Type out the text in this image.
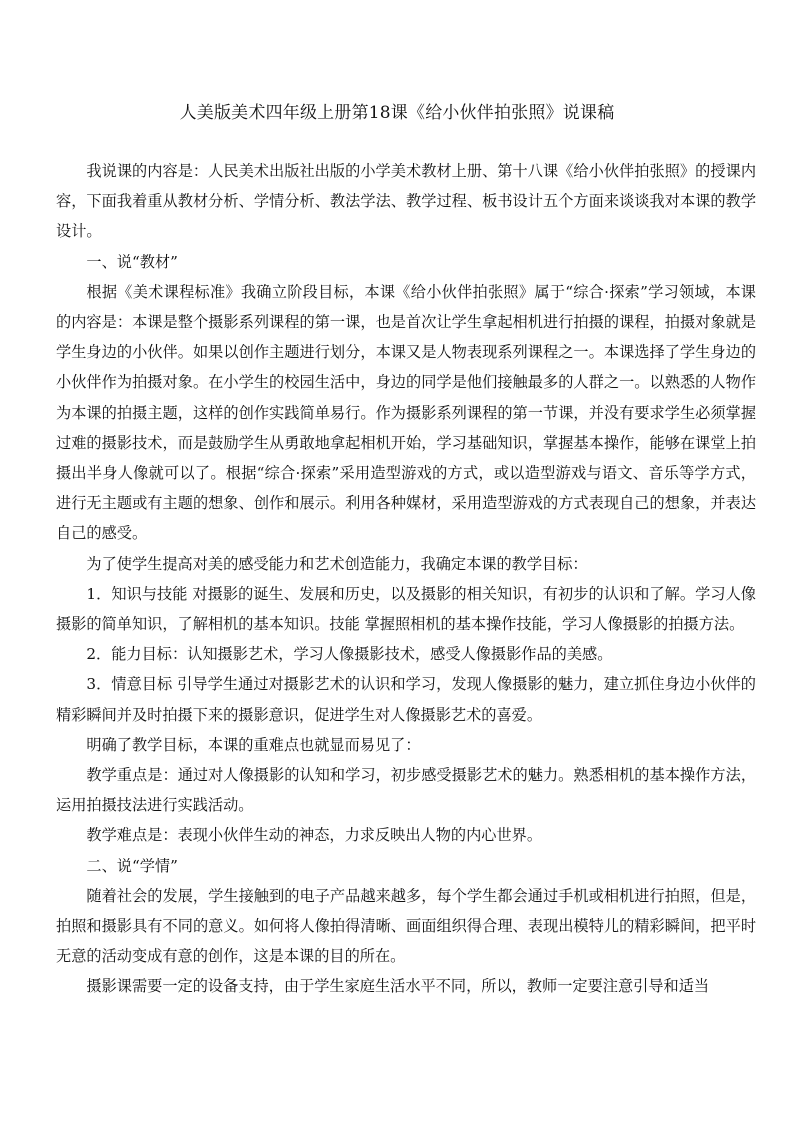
人美版美术四年级上册第18课《给小伙伴拍张照》说课稿

我说课的内容是：人民美术出版社出版的小学美术教材上册、第十八课《给小伙伴拍张照》的授课内容，下面我着重从教材分析、学情分析、教法学法、教学过程、板书设计五个方面来谈谈我对本课的教学设计。

一、说“教材”

根据《美术课程标准》我确立阶段目标，本课《给小伙伴拍张照》属于“综合·探索”学习领域，本课的内容是：本课是整个摄影系列课程的第一课，也是首次让学生拿起相机进行拍摄的课程，拍摄对象就是学生身边的小伙伴。如果以创作主题进行划分，本课又是人物表现系列课程之一。本课选择了学生身边的小伙伴作为拍摄对象。在小学生的校园生活中，身边的同学是他们接触最多的人群之一。以熟悉的人物作为本课的拍摄主题，这样的创作实践简单易行。作为摄影系列课程的第一节课，并没有要求学生必须掌握过难的摄影技术，而是鼓励学生从勇敢地拿起相机开始，学习基础知识，掌握基本操作，能够在课堂上拍摄出半身人像就可以了。根据“综合·探索”采用造型游戏的方式，或以造型游戏与语文、音乐等学方式，进行无主题或有主题的想象、创作和展示。利用各种媒材，采用造型游戏的方式表现自己的想象，并表达自己的感受。

为了使学生提高对美的感受能力和艺术创造能力，我确定本课的教学目标：

1．知识与技能 对摄影的诞生、发展和历史，以及摄影的相关知识，有初步的认识和了解。学习人像摄影的简单知识，了解相机的基本知识。技能 掌握照相机的基本操作技能，学习人像摄影的拍摄方法。

2．能力目标：认知摄影艺术，学习人像摄影技术，感受人像摄影作品的美感。

3．情意目标 引导学生通过对摄影艺术的认识和学习，发现人像摄影的魅力，建立抓住身边小伙伴的精彩瞬间并及时拍摄下来的摄影意识，促进学生对人像摄影艺术的喜爱。

明确了教学目标，本课的重难点也就显而易见了：

教学重点是：通过对人像摄影的认知和学习，初步感受摄影艺术的魅力。熟悉相机的基本操作方法，运用拍摄技法进行实践活动。

教学难点是：表现小伙伴生动的神态，力求反映出人物的内心世界。

二、说“学情”

随着社会的发展，学生接触到的电子产品越来越多，每个学生都会通过手机或相机进行拍照，但是，拍照和摄影具有不同的意义。如何将人像拍得清晰、画面组织得合理、表现出模特儿的精彩瞬间，把平时无意的活动变成有意的创作，这是本课的目的所在。

摄影课需要一定的设备支持，由于学生家庭生活水平不同，所以，教师一定要注意引导和适当
